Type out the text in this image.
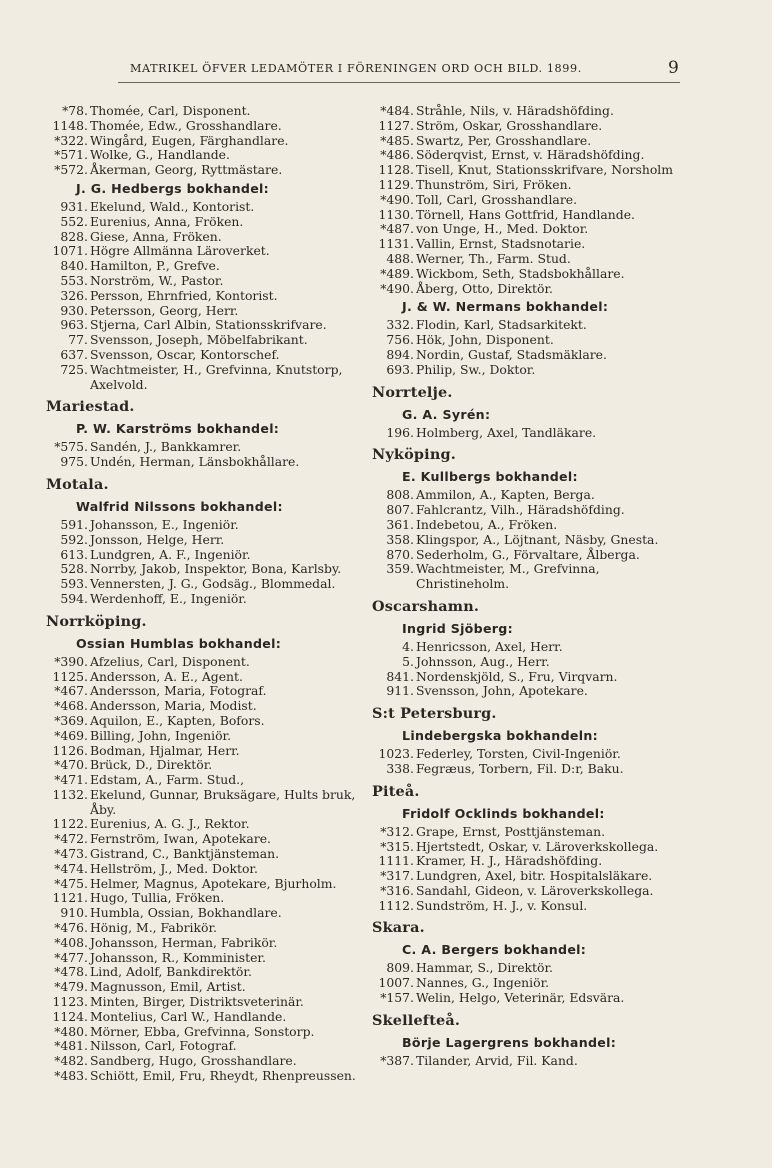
MATRIKEL ÖFVER LEDAMÖTER I FÖRENINGEN ORD OCH BILD. 1899.	9
*78. Thomée, Carl, Disponent.
1148. Thomée, Edw., Grosshandlare.
*322. Wingård, Eugen, Färghandlare.
*571. Wolke, G., Handlande.
*572. Åkerman, Georg, Ryttmästare.
J. G. Hedbergs bokhandel:
931. Ekelund, Wald., Kontorist.
552. Eurenius, Anna, Fröken.
828. Giese, Anna, Fröken.
1071. Högre Allmänna Läroverket.
840. Hamilton, P., Grefve.
553. Norström, W., Pastor.
326. Persson, Ehrnfried, Kontorist.
930. Petersson, Georg, Herr.
963. Stjerna, Carl Albin, Stationsskrifvare.
77. Svensson, Joseph, Möbelfabrikant.
637. Svensson, Oscar, Kontorschef.
725. Wachtmeister, H., Grefvinna, Knutstorp, Axelvold.
Mariestad.
P. W. Karströms bokhandel:
*575. Sandén, J., Bankkamrer.
975. Undén, Herman, Länsbokhållare.
Motala.
Walfrid Nilssons bokhandel:
591. Johansson, E., Ingeniör.
592. Jonsson, Helge, Herr.
613. Lundgren, A. F., Ingeniör.
528. Norrby, Jakob, Inspektor, Bona, Karlsby.
593. Vennersten, J. G., Godsäg., Blommedal.
594. Werdenhoff, E., Ingeniör.
Norrköping.
Ossian Humblas bokhandel:
*390. Afzelius, Carl, Disponent.
1125. Andersson, A. E., Agent.
*467. Andersson, Maria, Fotograf.
*468. Andersson, Maria, Modist.
*369. Aquilon, E., Kapten, Bofors.
*469. Billing, John, Ingeniör.
1126. Bodman, Hjalmar, Herr.
*470. Brück, D., Direktör.
*471. Edstam, A., Farm. Stud.,
1132. Ekelund, Gunnar, Bruksägare, Hults bruk, Åby.
1122. Eurenius, A. G. J., Rektor.
*472. Fernström, Iwan, Apotekare.
*473. Gistrand, C., Banktjänsteman.
*474. Hellström, J., Med. Doktor.
*475. Helmer, Magnus, Apotekare, Bjurholm.
1121. Hugo, Tullia, Fröken.
910. Humbla, Ossian, Bokhandlare.
*476. Hönig, M., Fabrikör.
*408. Johansson, Herman, Fabrikör.
*477. Johansson, R., Komminister.
*478. Lind, Adolf, Bankdirektör.
*479. Magnusson, Emil, Artist.
1123. Minten, Birger, Distriktsveterinär.
1124. Montelius, Carl W., Handlande.
*480. Mörner, Ebba, Grefvinna, Sonstorp.
*481. Nilsson, Carl, Fotograf.
*482. Sandberg, Hugo, Grosshandlare.
*483. Schiött, Emil, Fru, Rheydt, Rhenpreussen.
*484. Stråhle, Nils, v. Häradshöfding.
1127. Ström, Oskar, Grosshandlare.
*485. Swartz, Per, Grosshandlare.
*486. Söderqvist, Ernst, v. Häradshöfding.
1128. Tisell, Knut, Stationsskrifvare, Norsholm
1129. Thunström, Siri, Fröken.
*490. Toll, Carl, Grosshandlare.
1130. Törnell, Hans Gottfrid, Handlande.
*487. von Unge, H., Med. Doktor.
1131. Vallin, Ernst, Stadsnotarie.
488. Werner, Th., Farm. Stud.
*489. Wickbom, Seth, Stadsbokhållare.
*490. Åberg, Otto, Direktör.
J. & W. Nermans bokhandel:
332. Flodin, Karl, Stadsarkitekt.
756. Hök, John, Disponent.
894. Nordin, Gustaf, Stadsmäklare.
693. Philip, Sw., Doktor.
Norrtelje.
G. A. Syrén:
196. Holmberg, Axel, Tandläkare.
Nyköping.
E. Kullbergs bokhandel:
808. Ammilon, A., Kapten, Berga.
807. Fahlcrantz, Vilh., Häradshöfding.
361. Indebetou, A., Fröken.
358. Klingspor, A., Löjtnant, Näsby, Gnesta.
870. Sederholm, G., Förvaltare, Ålberga.
359. Wachtmeister, M., Grefvinna, Christineholm.
Oscarshamn.
Ingrid Sjöberg:
4. Henricsson, Axel, Herr.
5. Johnsson, Aug., Herr.
841. Nordenskjöld, S., Fru, Virqvarn.
911. Svensson, John, Apotekare.
S:t Petersburg.
Lindebergska bokhandeln:
1023. Federley, Torsten, Civil-Ingeniör.
338. Fegræus, Torbern, Fil. D:r, Baku.
Piteå.
Fridolf Ocklinds bokhandel:
*312. Grape, Ernst, Posttjänsteman.
*315. Hjertstedt, Oskar, v. Läroverkskollega.
1111. Kramer, H. J., Häradshöfding.
*317. Lundgren, Axel, bitr. Hospitalsläkare.
*316. Sandahl, Gideon, v. Läroverkskollega.
1112. Sundström, H. J., v. Konsul.
Skara.
C. A. Bergers bokhandel:
809. Hammar, S., Direktör.
1007. Nannes, G., Ingeniör.
*157. Welin, Helgo, Veterinär, Edsvära.
Skellefteå.
Börje Lagergrens bokhandel:
*387. Tilander, Arvid, Fil. Kand.
